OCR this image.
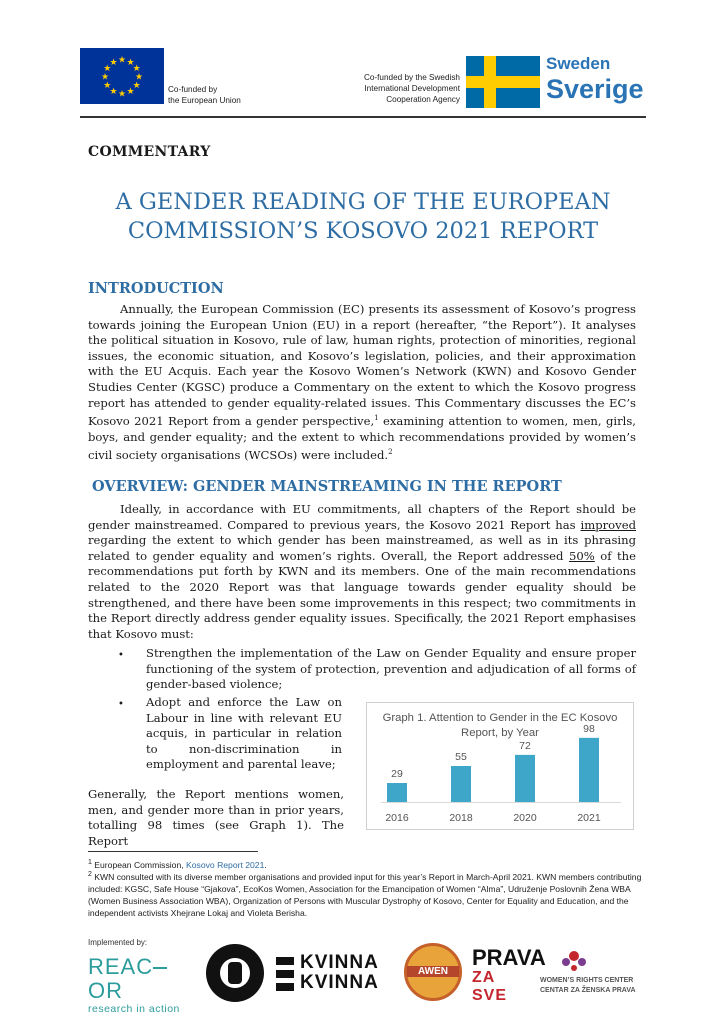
★ ★
★
★
★
★
★
★
★
★
★
★
Co-funded by
the European Union
Co-funded by the Swedish
International Development
Cooperation Agency
Sweden
Sverige
COMMENTARY
A GENDER READING OF THE EUROPEAN
COMMISSION’S KOSOVO 2021 REPORT
INTRODUCTION
Annually, the European Commission (EC) presents its assessment of Kosovo’s progress towards joining the European Union (EU) in a report (hereafter, “the Report”). It analyses the political situation in Kosovo, rule of law, human rights, protection of minorities, regional issues, the economic situation, and Kosovo’s legislation, policies, and their approximation with the EU Acquis. Each year the Kosovo Women’s Network (KWN) and Kosovo Gender Studies Center (KGSC) produce a Commentary on the extent to which the Kosovo progress report has attended to gender equality-related issues. This Commentary discusses the EC’s Kosovo 2021 Report from a gender perspective,$^1$ examining attention to women, men, girls, boys, and gender equality; and the extent to which recommendations provided by women’s civil society organisations (WCSOs) were included.$^2$
OVERVIEW: GENDER MAINSTREAMING IN THE REPORT
Ideally, in accordance with EU commitments, all chapters of the Report should be gender mainstreamed. Compared to previous years, the Kosovo 2021 Report has improved regarding the extent to which gender has been mainstreamed, as well as in its phrasing related to gender equality and women’s rights. Overall, the Report addressed 50% of the recommendations put forth by KWN and its members. One of the main recommendations related to the 2020 Report was that language towards gender equality should be strengthened, and there have been some improvements in this respect; two commitments in the Report directly address gender equality issues. Specifically, the 2021 Report emphasises that Kosovo must:
• Strengthen the implementation of the Law on Gender Equality and ensure proper functioning of the system of protection, prevention and adjudication of all forms of gender-based violence;
• Adopt and enforce the Law on Labour in line with relevant EU acquis, in particular in relation to non-discrimination in employment and parental leave;
Generally, the Report mentions women, men, and gender more than in prior years, totalling 98 times (see Graph 1). The Report
Graph 1. Attention to Gender in the EC Kosovo Report, by Year
29
2016
55
2018
72
2020
98
2021
$^1$ European Commission, Kosovo Report 2021.
$^2$ KWN consulted with its diverse member organisations and provided input for this year’s Report in March-April 2021. KWN members contributing included: KGSC, Safe House “Gjakova”, EcoKos Women, Association for the Emancipation of Women “Alma”, Udruženje Poslovnih Žena WBA (Women Business Association WBA), Organization of Persons with Muscular Dystrophy of Kosovo, Center for Equality and Education, and the independent activists Xhejrane Lokaj and Violeta Berisha.
Implemented by:
REACOR
research in action
KVINNA
KVINNA
AWEN
PRAVA
ZA SVE
WOMEN’S RIGHTS CENTER
CENTAR ZA ŽENSKA PRAVA
